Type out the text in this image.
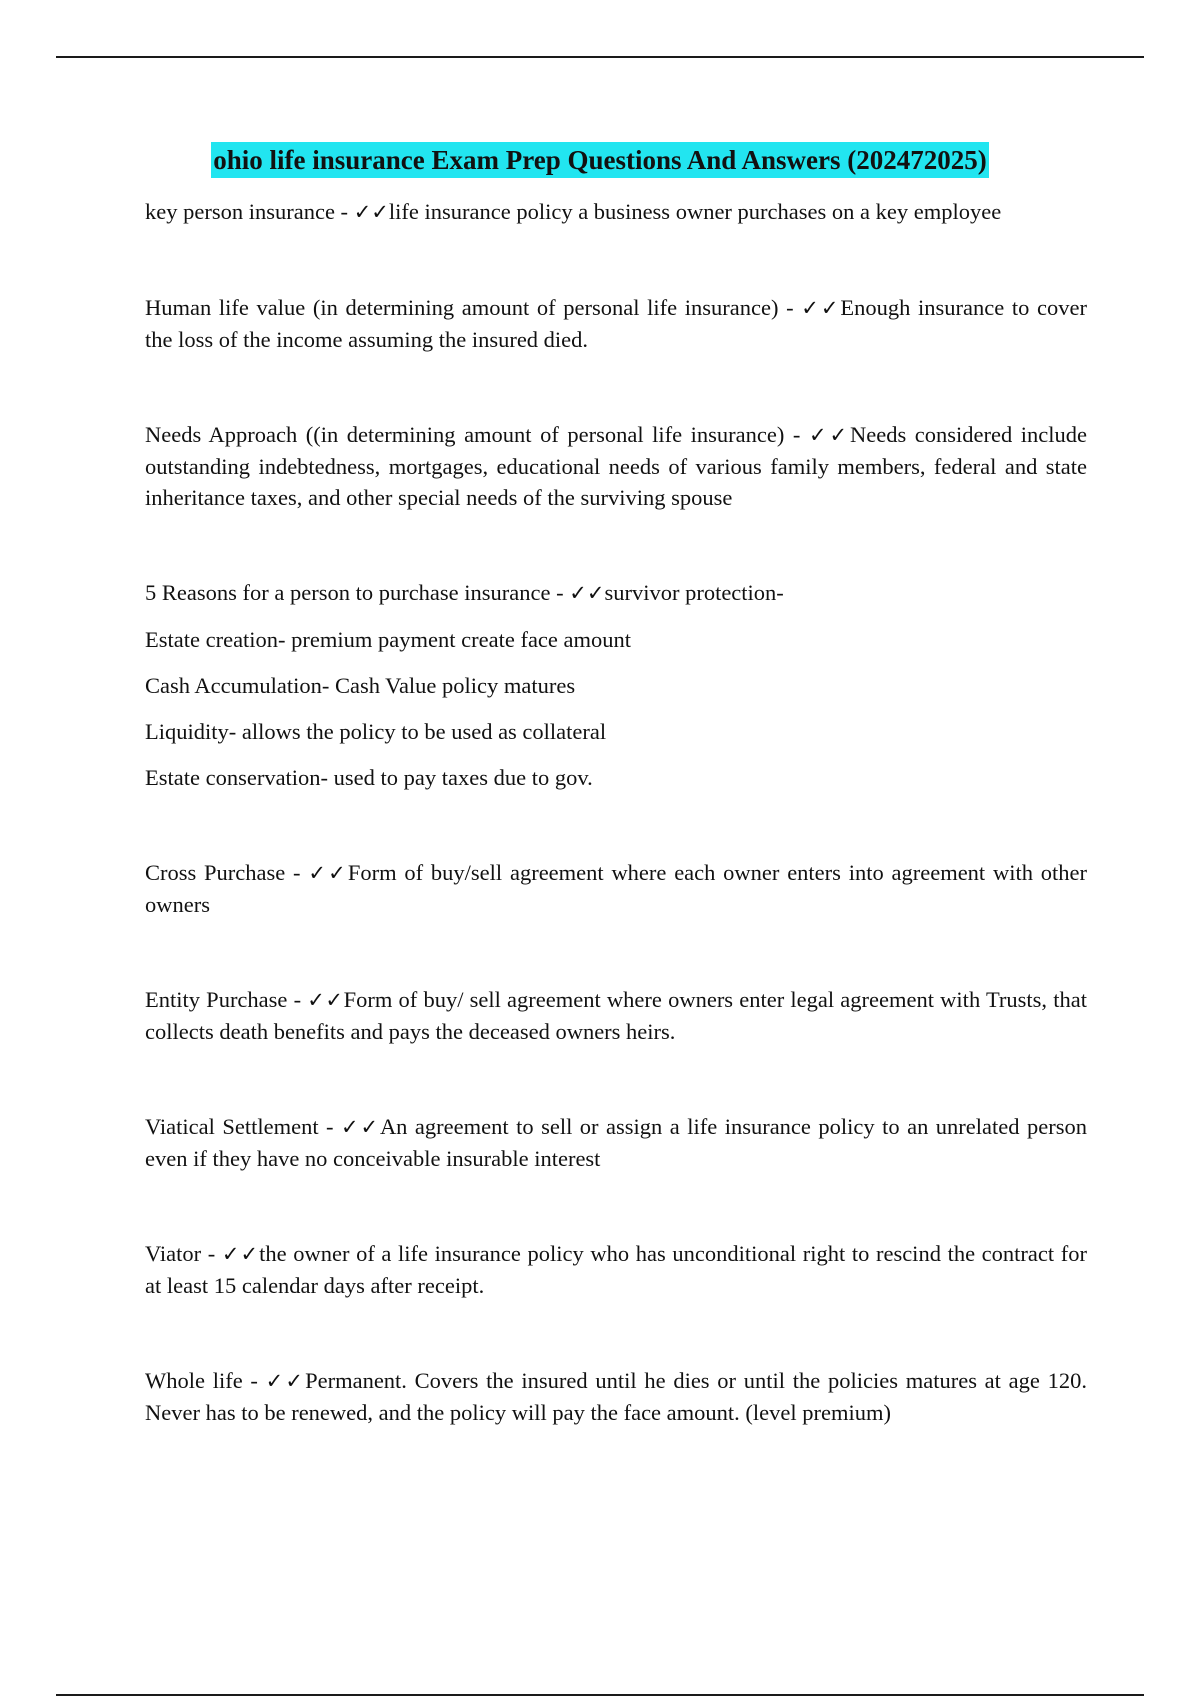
ohio life insurance Exam Prep Questions And Answers (202472025)
key person insurance - ✓✓life insurance policy a business owner purchases on a key employee
Human life value (in determining amount of personal life insurance) - ✓✓Enough insurance to cover the loss of the income assuming the insured died.
Needs Approach ((in determining amount of personal life insurance) - ✓✓Needs considered include outstanding indebtedness, mortgages, educational needs of various family members, federal and state inheritance taxes, and other special needs of the surviving spouse
5 Reasons for a person to purchase insurance - ✓✓survivor protection-
Estate creation- premium payment create face amount
Cash Accumulation- Cash Value policy matures
Liquidity- allows the policy to be used as collateral
Estate conservation- used to pay taxes due to gov.
Cross Purchase - ✓✓Form of buy/sell agreement where each owner enters into agreement with other owners
Entity Purchase - ✓✓Form of buy/ sell agreement where owners enter legal agreement with Trusts, that collects death benefits and pays the deceased owners heirs.
Viatical Settlement - ✓✓An agreement to sell or assign a life insurance policy to an unrelated person even if they have no conceivable insurable interest
Viator - ✓✓the owner of a life insurance policy who has unconditional right to rescind the contract for at least 15 calendar days after receipt.
Whole life - ✓✓Permanent. Covers the insured until he dies or until the policies matures at age 120. Never has to be renewed, and the policy will pay the face amount. (level premium)
